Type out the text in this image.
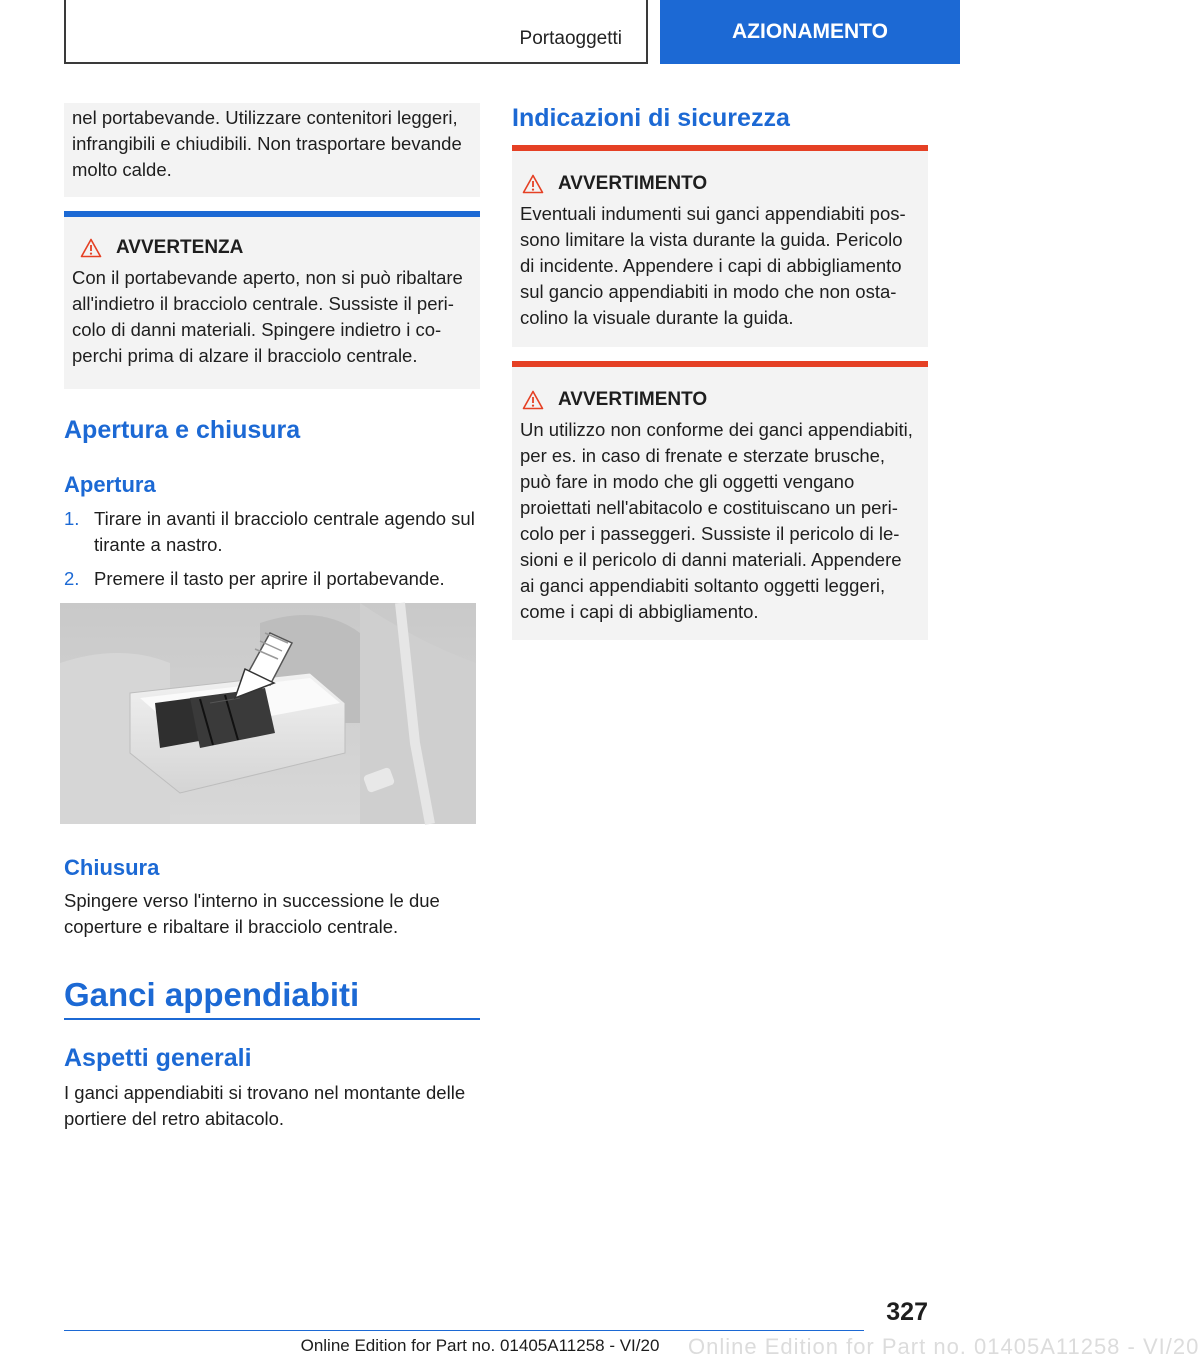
Portaoggetti	AZIONAMENTO
nel portabevande. Utilizzare contenitori leggeri, infrangibili e chiudibili. Non trasportare bevande molto calde.
AVVERTENZA
Con il portabevande aperto, non si può ribaltare all'indietro il bracciolo centrale. Sussiste il pericolo di danni materiali. Spingere indietro i coperchi prima di alzare il bracciolo centrale.
Apertura e chiusura
Apertura
1. Tirare in avanti il bracciolo centrale agendo sul tirante a nastro.
2. Premere il tasto per aprire il portabevande.
Chiusura
Spingere verso l'interno in successione le due coperture e ribaltare il bracciolo centrale.
Ganci appendiabiti
Aspetti generali
I ganci appendiabiti si trovano nel montante delle portiere del retro abitacolo.
Indicazioni di sicurezza
AVVERTIMENTO
Eventuali indumenti sui ganci appendiabiti possono limitare la vista durante la guida. Pericolo di incidente. Appendere i capi di abbigliamento sul gancio appendiabiti in modo che non ostacolino la visuale durante la guida.
AVVERTIMENTO
Un utilizzo non conforme dei ganci appendiabiti, per es. in caso di frenate e sterzate brusche, può fare in modo che gli oggetti vengano proiettati nell'abitacolo e costituiscano un pericolo per i passeggeri. Sussiste il pericolo di lesioni e il pericolo di danni materiali. Appendere ai ganci appendiabiti soltanto oggetti leggeri, come i capi di abbigliamento.
327
Online Edition for Part no. 01405A11258 - VI/20	Online Edition for Part no. 01405A11258 - VI/20
